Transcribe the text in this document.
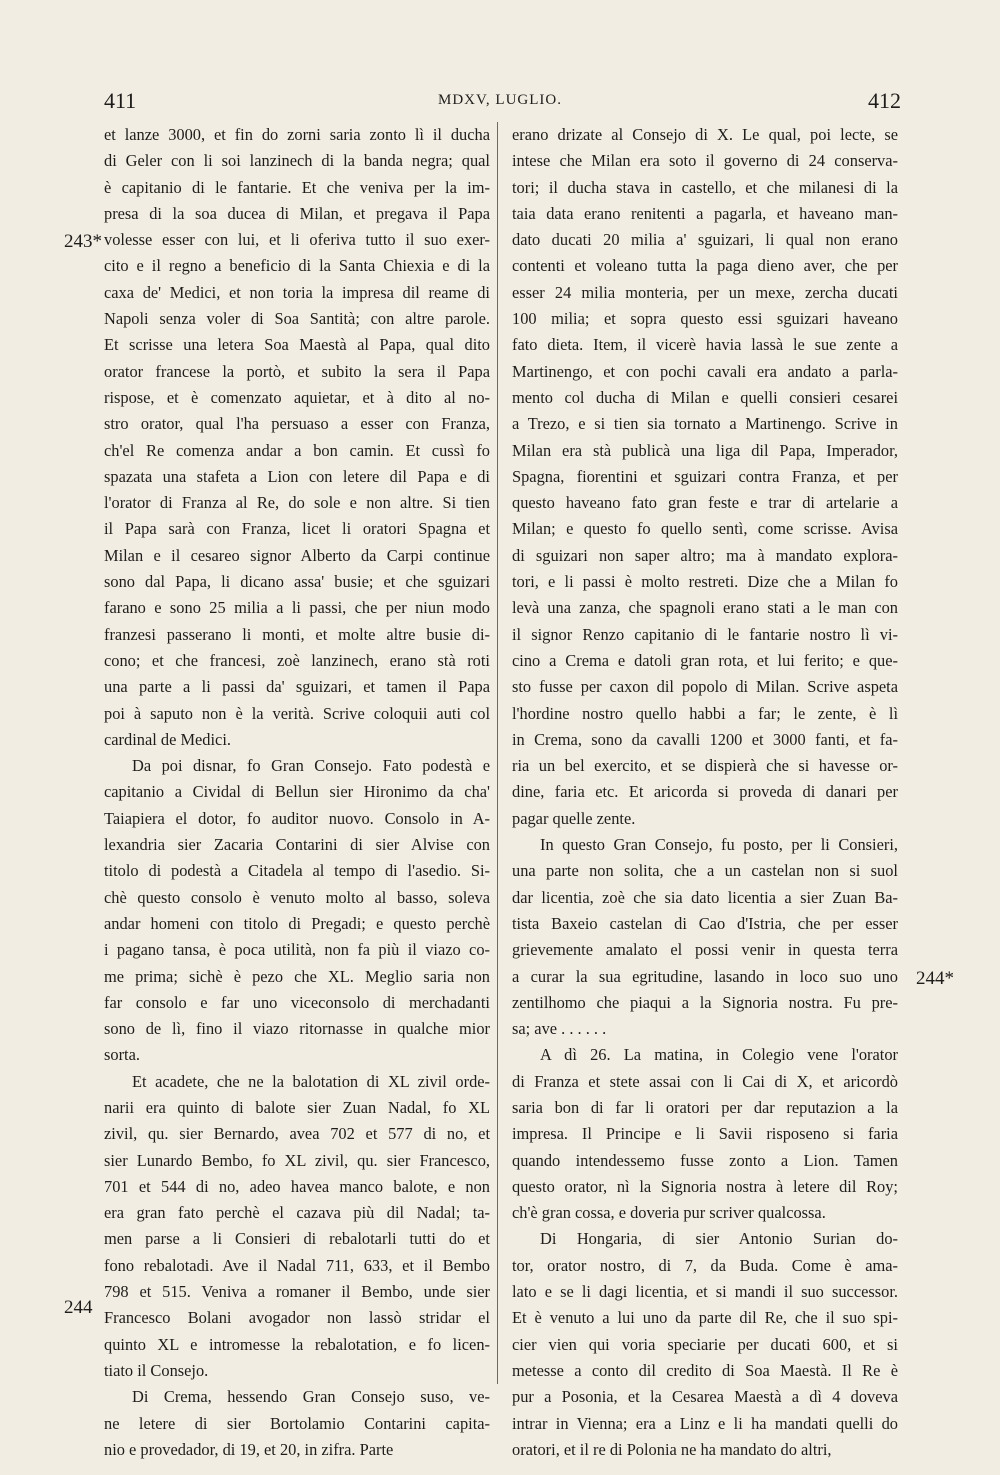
411	MDXV, LUGLIO.	412
243*
244
244*
et lanze 3000, et fin do zorni saria zonto lì il ducha
di Geler con li soi lanzinech di la banda negra; qual
è capitanio di le fantarie. Et che veniva per la im-
presa di la soa ducea di Milan, et pregava il Papa
volesse esser con lui, et li oferiva tutto il suo exer-
cito e il regno a beneficio di la Santa Chiexia e di la
caxa de' Medici, et non toria la impresa dil reame di
Napoli senza voler di Soa Santità; con altre parole.
Et scrisse una letera Soa Maestà al Papa, qual dito
orator francese la portò, et subito la sera il Papa
rispose, et è comenzato aquietar, et à dito al no-
stro orator, qual l'ha persuaso a esser con Franza,
ch'el Re comenza andar a bon camin. Et cussì fo
spazata una stafeta a Lion con letere dil Papa e di
l'orator di Franza al Re, do sole e non altre. Si tien
il Papa sarà con Franza, licet li oratori Spagna et
Milan e il cesareo signor Alberto da Carpi continue
sono dal Papa, li dicano assa' busie; et che sguizari
farano e sono 25 milia a li passi, che per niun modo
franzesi passerano li monti, et molte altre busie di-
cono; et che francesi, zoè lanzinech, erano stà roti
una parte a li passi da' sguizari, et tamen il Papa
poi à saputo non è la verità. Scrive coloquii auti col
cardinal de Medici.
Da poi disnar, fo Gran Consejo. Fato podestà e
capitanio a Cividal di Bellun sier Hironimo da cha'
Taiapiera el dotor, fo auditor nuovo. Consolo in A-
lexandria sier Zacaria Contarini di sier Alvise con
titolo di podestà a Citadela al tempo di l'asedio. Si-
chè questo consolo è venuto molto al basso, soleva
andar homeni con titolo di Pregadi; e questo perchè
i pagano tansa, è poca utilità, non fa più il viazo co-
me prima; sichè è pezo che XL. Meglio saria non
far consolo e far uno viceconsolo di merchadanti
sono de lì, fino il viazo ritornasse in qualche mior
sorta.
Et acadete, che ne la balotation di XL zivil orde-
narii era quinto di balote sier Zuan Nadal, fo XL
zivil, qu. sier Bernardo, avea 702 et 577 di no, et
sier Lunardo Bembo, fo XL zivil, qu. sier Francesco,
701 et 544 di no, adeo havea manco balote, e non
era gran fato perchè el cazava più dil Nadal; ta-
men parse a li Consieri di rebalotarli tutti do et
fono rebalotadi. Ave il Nadal 711, 633, et il Bembo
798 et 515. Veniva a romaner il Bembo, unde sier
Francesco Bolani avogador non lassò stridar el
quinto XL e intromesse la rebalotation, e fo licen-
tiato il Consejo.
Di Crema, hessendo Gran Consejo suso, ve-
ne letere di sier Bortolamio Contarini capita-
nio e provedador, di 19, et 20, in zifra. Parte
erano drizate al Consejo di X. Le qual, poi lecte, se
intese che Milan era soto il governo di 24 conserva-
tori; il ducha stava in castello, et che milanesi di la
taia data erano renitenti a pagarla, et haveano man-
dato ducati 20 milia a' sguizari, li qual non erano
contenti et voleano tutta la paga dieno aver, che per
esser 24 milia monteria, per un mexe, zercha ducati
100 milia; et sopra questo essi sguizari haveano
fato dieta. Item, il vicerè havia lassà le sue zente a
Martinengo, et con pochi cavali era andato a parla-
mento col ducha di Milan e quelli consieri cesarei
a Trezo, e si tien sia tornato a Martinengo. Scrive in
Milan era stà publicà una liga dil Papa, Imperador,
Spagna, fiorentini et sguizari contra Franza, et per
questo haveano fato gran feste e trar di artelarie a
Milan; e questo fo quello sentì, come scrisse. Avisa
di sguizari non saper altro; ma à mandato explora-
tori, e li passi è molto restreti. Dize che a Milan fo
levà una zanza, che spagnoli erano stati a le man con
il signor Renzo capitanio di le fantarie nostro lì vi-
cino a Crema e datoli gran rota, et lui ferito; e que-
sto fusse per caxon dil popolo di Milan. Scrive aspeta
l'hordine nostro quello habbi a far; le zente, è lì
in Crema, sono da cavalli 1200 et 3000 fanti, et fa-
ria un bel exercito, et se dispierà che si havesse or-
dine, faria etc. Et aricorda si proveda di danari per
pagar quelle zente.
In questo Gran Consejo, fu posto, per li Consieri,
una parte non solita, che a un castelan non si suol
dar licentia, zoè che sia dato licentia a sier Zuan Ba-
tista Baxeio castelan di Cao d'Istria, che per esser
grievemente amalato el possi venir in questa terra
a curar la sua egritudine, lasando in loco suo uno
zentilhomo che piaqui a la Signoria nostra. Fu pre-
sa; ave . . . . . .
A dì 26. La matina, in Colegio vene l'orator
di Franza et stete assai con li Cai di X, et aricordò
saria bon di far li oratori per dar reputazion a la
impresa. Il Principe e li Savii risposeno si faria
quando intendessemo fusse zonto a Lion. Tamen
questo orator, nì la Signoria nostra à letere dil Roy;
ch'è gran cossa, e doveria pur scriver qualcossa.
Di Hongaria, di sier Antonio Surian do-
tor, orator nostro, di 7, da Buda. Come è ama-
lato e se li dagi licentia, et si mandi il suo successor.
Et è venuto a lui uno da parte dil Re, che il suo spi-
cier vien qui voria speciarie per ducati 600, et si
metesse a conto dil credito di Soa Maestà. Il Re è
pur a Posonia, et la Cesarea Maestà a dì 4 doveva
intrar in Vienna; era a Linz e li ha mandati quelli do
oratori, et il re di Polonia ne ha mandato do altri,
